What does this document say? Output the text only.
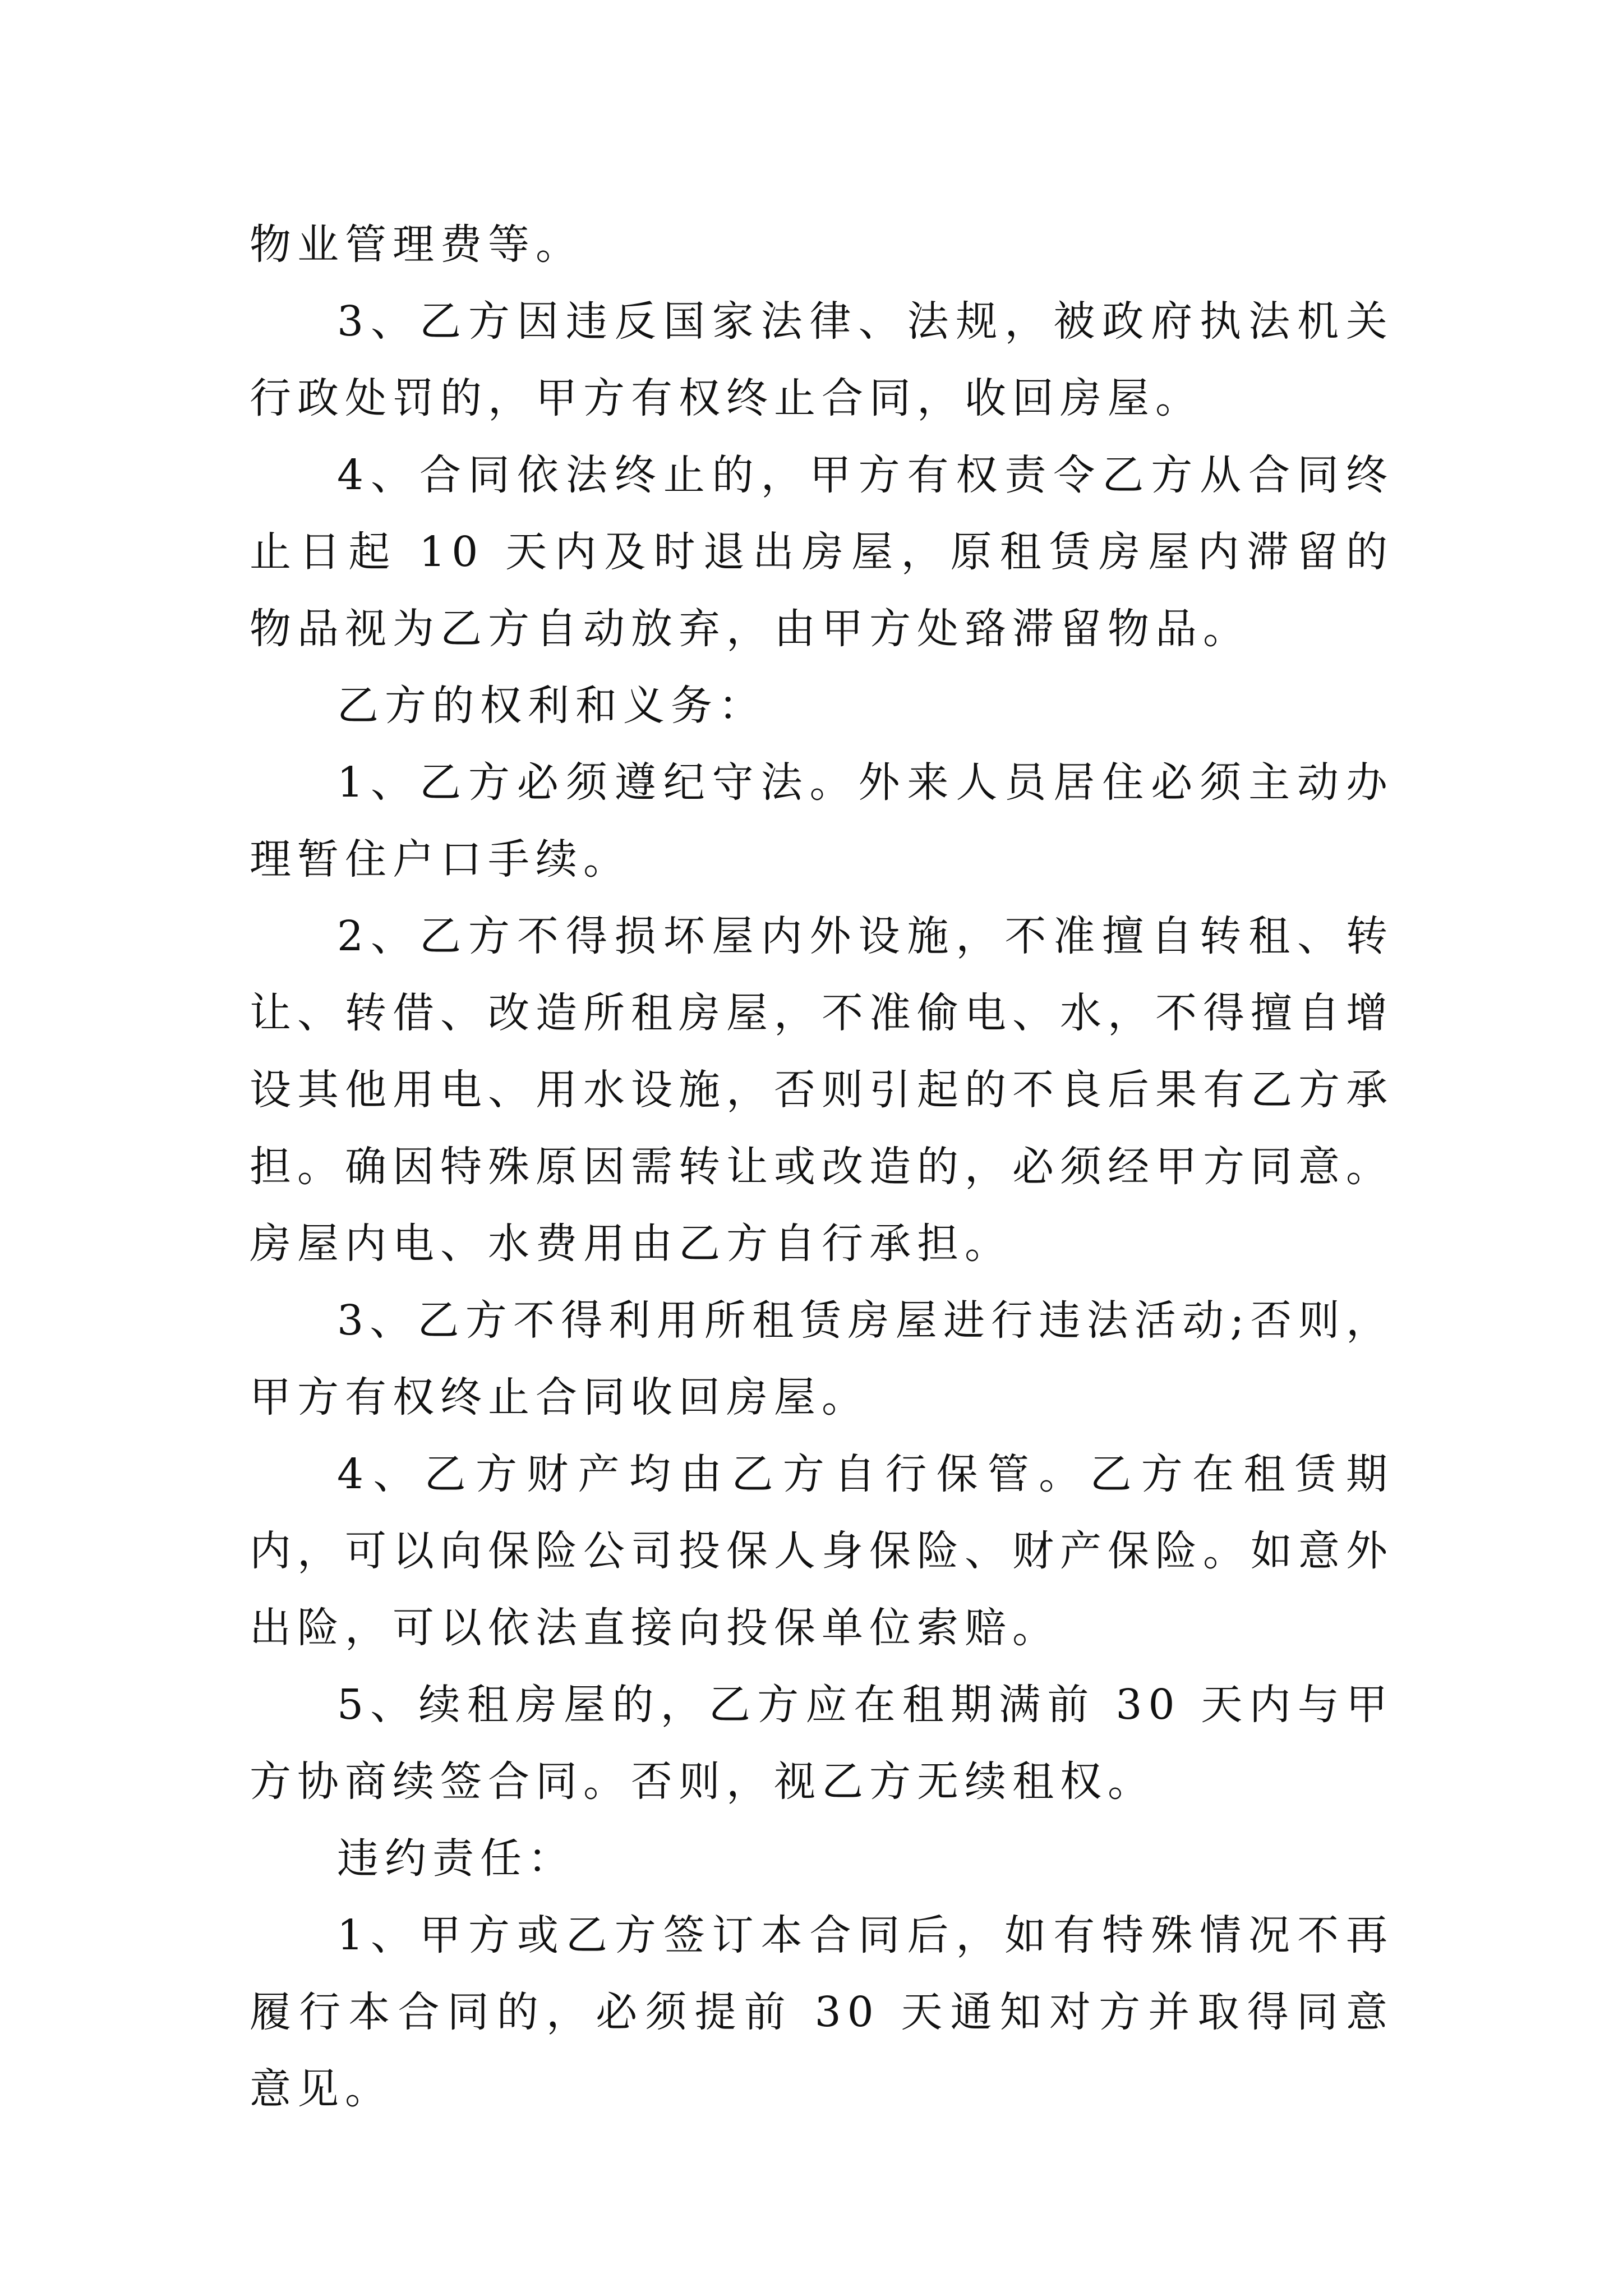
物业管理费等。

3、乙方因违反国家法律、法规，被政府执法机关行政处罚的，甲方有权终止合同，收回房屋。

4、合同依法终止的，甲方有权责令乙方从合同终止日起 10 天内及时退出房屋，原租赁房屋内滞留的物品视为乙方自动放弃，由甲方处臵滞留物品。

乙方的权利和义务：

1、乙方必须遵纪守法。外来人员居住必须主动办理暂住户口手续。

2、乙方不得损坏屋内外设施，不准擅自转租、转让、转借、改造所租房屋，不准偷电、水，不得擅自增设其他用电、用水设施，否则引起的不良后果有乙方承担。确因特殊原因需转让或改造的，必须经甲方同意。房屋内电、水费用由乙方自行承担。

3、乙方不得利用所租赁房屋进行违法活动;否则，甲方有权终止合同收回房屋。

4、乙方财产均由乙方自行保管。乙方在租赁期内，可以向保险公司投保人身保险、财产保险。如意外出险，可以依法直接向投保单位索赔。

5、续租房屋的，乙方应在租期满前 30 天内与甲方协商续签合同。否则，视乙方无续租权。

违约责任：

1、甲方或乙方签订本合同后，如有特殊情况不再履行本合同的，必须提前 30 天通知对方并取得同意意见。
